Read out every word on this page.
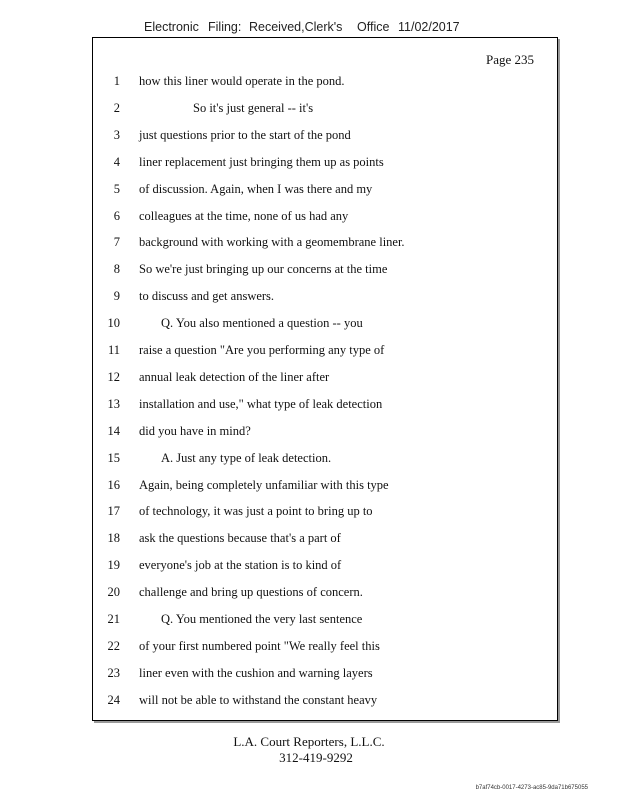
Electronic Filing: Received,Clerk's Office 11/02/2017
Page 235
1 how this liner would operate in the pond.
2	So it's just general -- it's
3 just questions prior to the start of the pond
4 liner replacement just bringing them up as points
5 of discussion. Again, when I was there and my
6 colleagues at the time, none of us had any
7 background with working with a geomembrane liner.
8 So we're just bringing up our concerns at the time
9 to discuss and get answers.
10	Q. You also mentioned a question -- you
11 raise a question "Are you performing any type of
12 annual leak detection of the liner after
13 installation and use," what type of leak detection
14 did you have in mind?
15	A. Just any type of leak detection.
16 Again, being completely unfamiliar with this type
17 of technology, it was just a point to bring up to
18 ask the questions because that's a part of
19 everyone's job at the station is to kind of
20 challenge and bring up questions of concern.
21	Q. You mentioned the very last sentence
22 of your first numbered point "We really feel this
23 liner even with the cushion and warning layers
24 will not be able to withstand the constant heavy
L.A. Court Reporters, L.L.C.
312-419-9292
b7af74cb-0017-4273-ac85-9da71b675055
